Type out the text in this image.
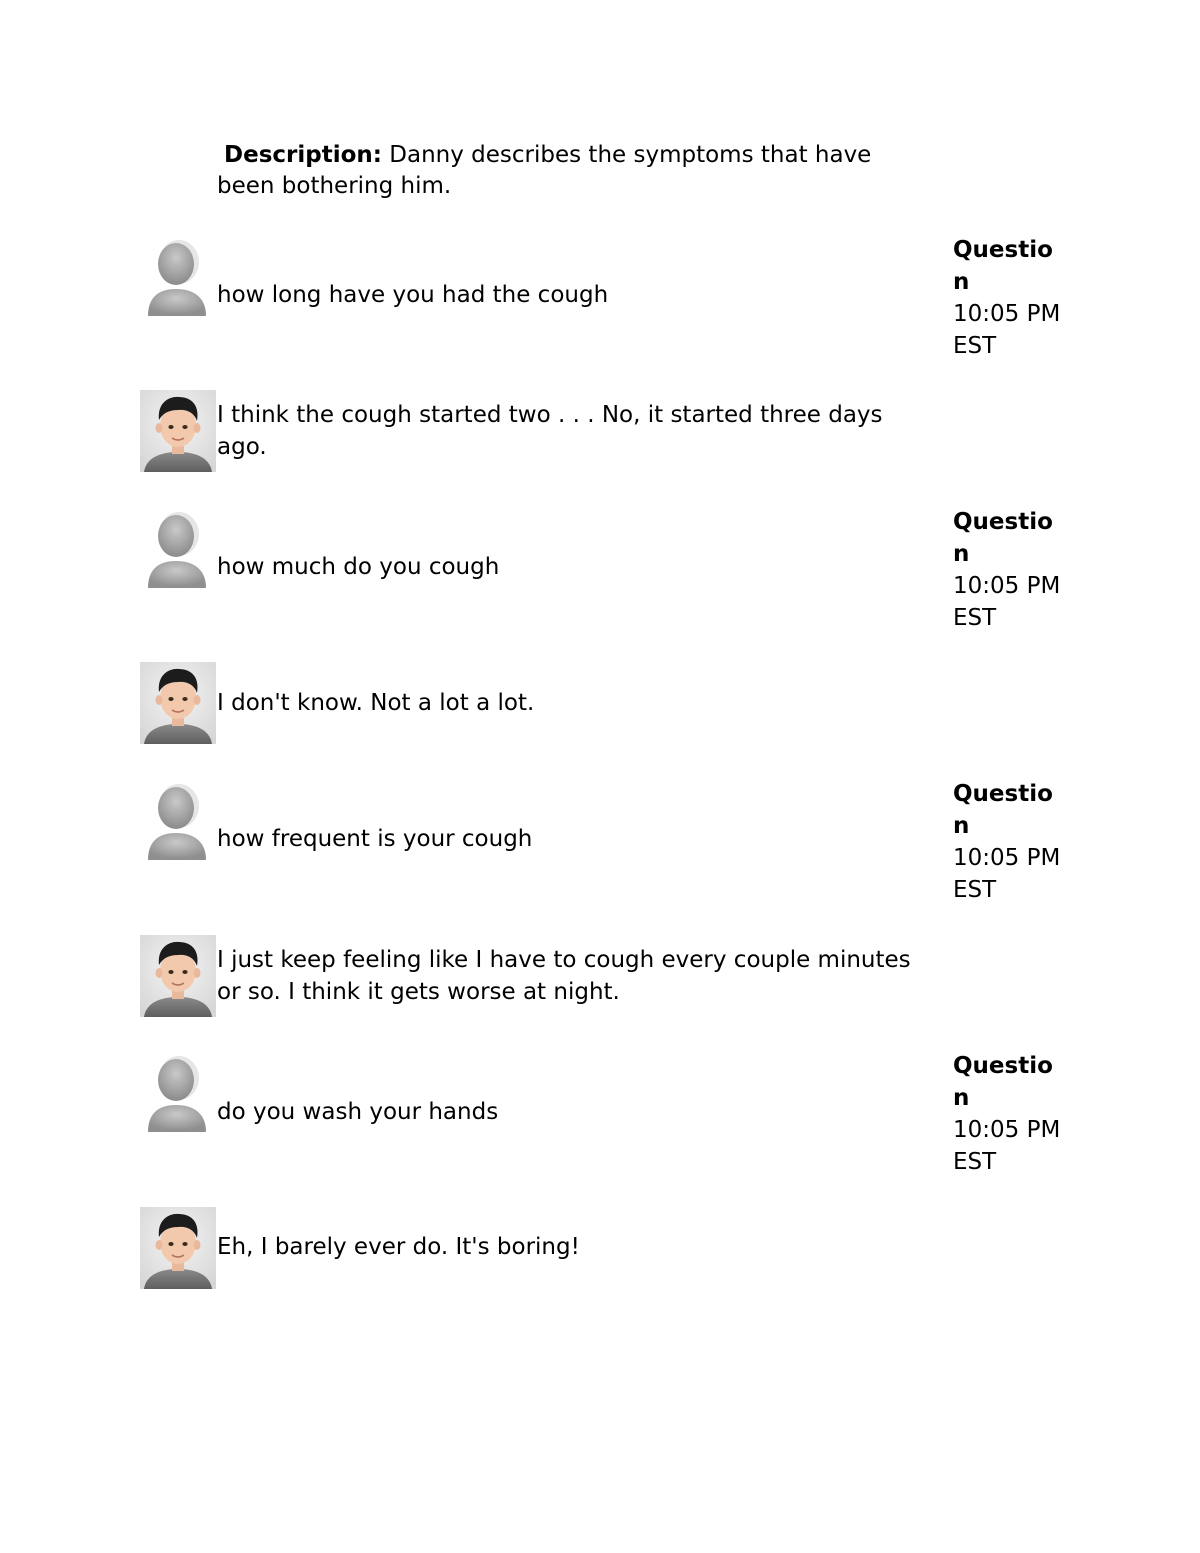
Description: Danny describes the symptoms that have been bothering him.
how long have you had the cough
Question
10:05 PM EST
I think the cough started two . . . No, it started three days ago.
how much do you cough
Question
10:05 PM EST
I don't know. Not a lot a lot.
how frequent is your cough
Question
10:05 PM EST
I just keep feeling like I have to cough every couple minutes or so. I think it gets worse at night.
do you wash your hands
Question
10:05 PM EST
Eh, I barely ever do. It's boring!
